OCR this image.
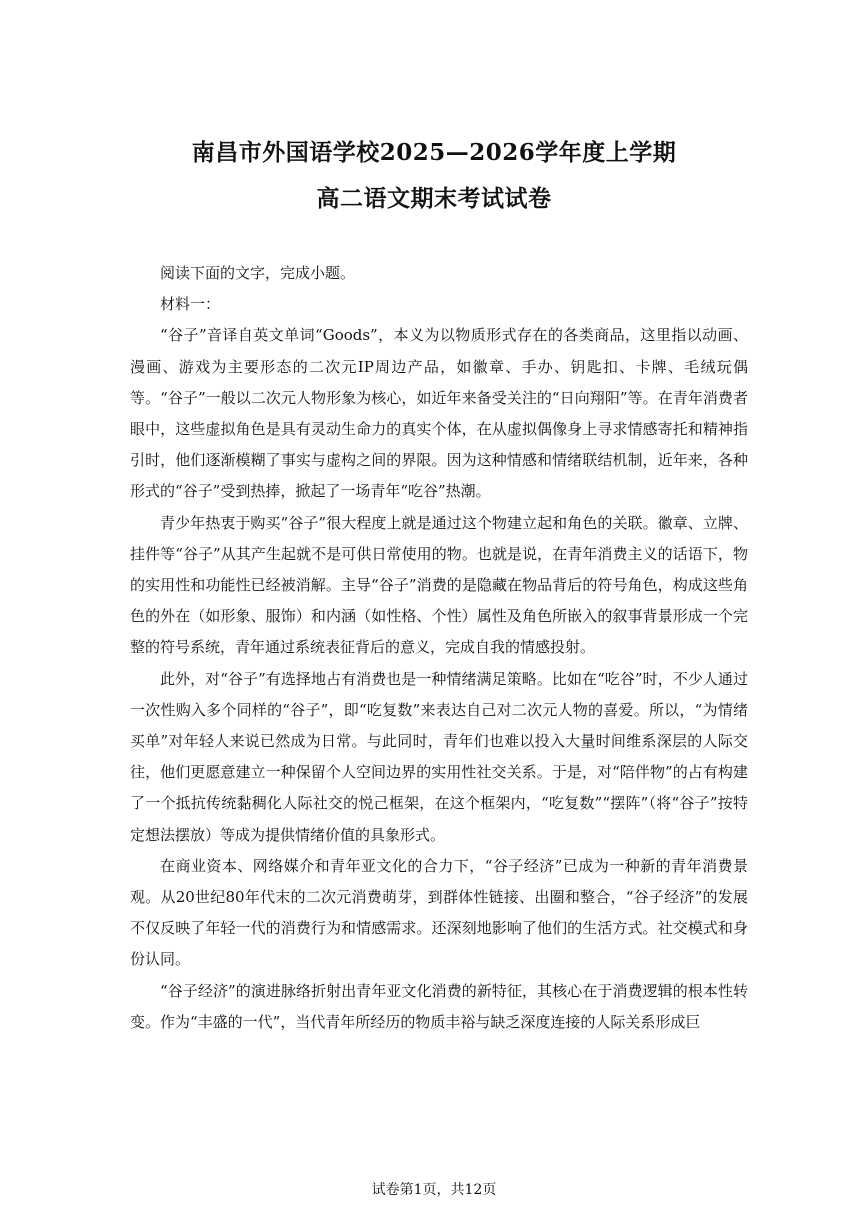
南昌市外国语学校2025—2026学年度上学期
高二语文期末考试试卷

阅读下面的文字，完成小题。

材料一：

“谷子”音译自英文单词“Goods”，本义为以物质形式存在的各类商品，这里指以动画、漫画、游戏为主要形态的二次元IP周边产品，如徽章、手办、钥匙扣、卡牌、毛绒玩偶等。“谷子”一般以二次元人物形象为核心，如近年来备受关注的“日向翔阳”等。在青年消费者眼中，这些虚拟角色是具有灵动生命力的真实个体，在从虚拟偶像身上寻求情感寄托和精神指引时，他们逐渐模糊了事实与虚构之间的界限。因为这种情感和情绪联结机制，近年来，各种形式的“谷子”受到热捧，掀起了一场青年“吃谷”热潮。

青少年热衷于购买“谷子”很大程度上就是通过这个物建立起和角色的关联。徽章、立牌、挂件等“谷子”从其产生起就不是可供日常使用的物。也就是说，在青年消费主义的话语下，物的实用性和功能性已经被消解。主导“谷子”消费的是隐藏在物品背后的符号角色，构成这些角色的外在（如形象、服饰）和内涵（如性格、个性）属性及角色所嵌入的叙事背景形成一个完整的符号系统，青年通过系统表征背后的意义，完成自我的情感投射。

此外，对“谷子”有选择地占有消费也是一种情绪满足策略。比如在“吃谷”时，不少人通过一次性购入多个同样的“谷子”，即“吃复数”来表达自己对二次元人物的喜爱。所以，“为情绪买单”对年轻人来说已然成为日常。与此同时，青年们也难以投入大量时间维系深层的人际交往，他们更愿意建立一种保留个人空间边界的实用性社交关系。于是，对“陪伴物”的占有构建了一个抵抗传统黏稠化人际社交的悦己框架，在这个框架内，“吃复数”“摆阵”（将“谷子”按特定想法摆放）等成为提供情绪价值的具象形式。

在商业资本、网络媒介和青年亚文化的合力下，“谷子经济”已成为一种新的青年消费景观。从20世纪80年代末的二次元消费萌芽，到群体性链接、出圈和整合，“谷子经济”的发展不仅反映了年轻一代的消费行为和情感需求。还深刻地影响了他们的生活方式。社交模式和身份认同。

“谷子经济”的演进脉络折射出青年亚文化消费的新特征，其核心在于消费逻辑的根本性转变。作为“丰盛的一代”，当代青年所经历的物质丰裕与缺乏深度连接的人际关系形成巨

试卷第1页，共12页
